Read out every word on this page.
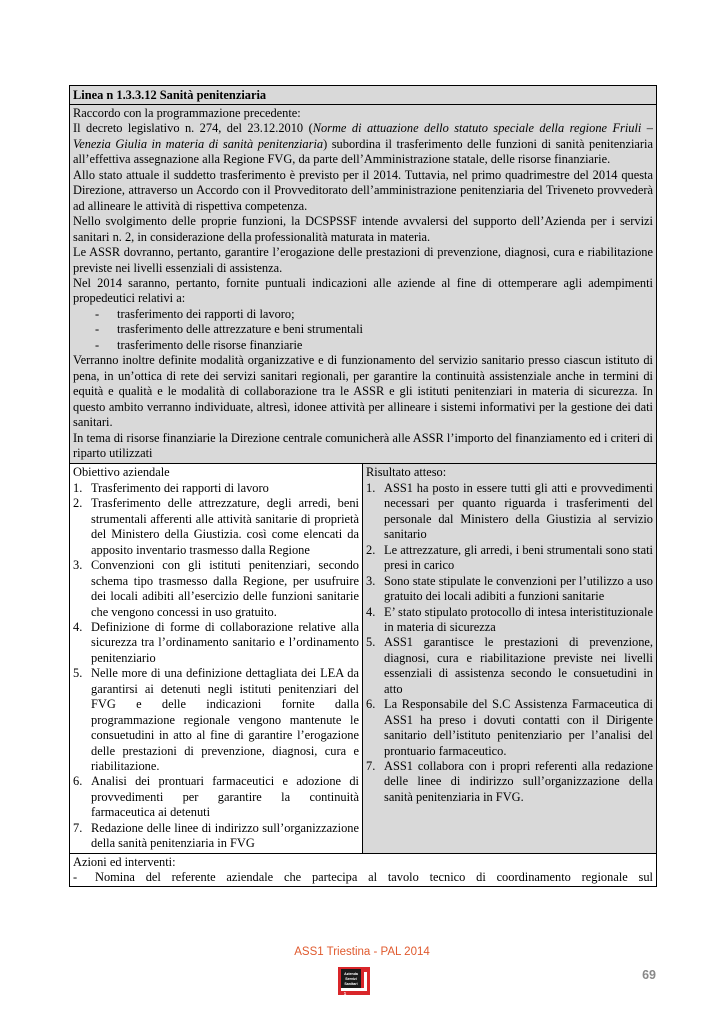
Linea n 1.3.3.12 Sanità penitenziaria

Raccordo con la programmazione precedente:

Il decreto legislativo n. 274, del 23.12.2010 (Norme di attuazione dello statuto speciale della regione Friuli – Venezia Giulia in materia di sanità penitenziaria) subordina il trasferimento delle funzioni di sanità penitenziaria all’effettiva assegnazione alla Regione FVG, da parte dell’Amministrazione statale, delle risorse finanziarie.

Allo stato attuale il suddetto trasferimento è previsto per il 2014. Tuttavia, nel primo quadrimestre del 2014 questa Direzione, attraverso un Accordo con il Provveditorato dell’amministrazione penitenziaria del Triveneto provvederà ad allineare le attività di rispettiva competenza.

Nello svolgimento delle proprie funzioni, la DCSPSSF intende avvalersi del supporto dell’Azienda per i servizi sanitari n. 2, in considerazione della professionalità maturata in materia.

Le ASSR dovranno, pertanto, garantire l’erogazione delle prestazioni di prevenzione, diagnosi, cura e riabilitazione previste nei livelli essenziali di assistenza.

Nel 2014 saranno, pertanto, fornite puntuali indicazioni alle aziende al fine di ottemperare agli adempimenti propedeutici relativi a:

- trasferimento dei rapporti di lavoro;
- trasferimento delle attrezzature e beni strumentali
- trasferimento delle risorse finanziarie

Verranno inoltre definite modalità organizzative e di funzionamento del servizio sanitario presso ciascun istituto di pena, in un’ottica di rete dei servizi sanitari regionali, per garantire la continuità assistenziale anche in termini di equità e qualità e le modalità di collaborazione tra le ASSR e gli istituti penitenziari in materia di sicurezza. In questo ambito verranno individuate, altresì, idonee attività per allineare i sistemi informativi per la gestione dei dati sanitari.

In tema di risorse finanziarie la Direzione centrale comunicherà alle ASSR l’importo del finanziamento ed i criteri di riparto utilizzati

Obiettivo aziendale
1. Trasferimento dei rapporti di lavoro
2. Trasferimento delle attrezzature, degli arredi, beni strumentali afferenti alle attività sanitarie di proprietà del Ministero della Giustizia. così come elencati da apposito inventario trasmesso dalla Regione
3. Convenzioni con gli istituti penitenziari, secondo schema tipo trasmesso dalla Regione, per usufruire dei locali adibiti all’esercizio delle funzioni sanitarie che vengono concessi in uso gratuito.
4. Definizione di forme di collaborazione relative alla sicurezza tra l’ordinamento sanitario e l’ordinamento penitenziario
5. Nelle more di una definizione dettagliata dei LEA da garantirsi ai detenuti negli istituti penitenziari del FVG e delle indicazioni fornite dalla programmazione regionale vengono mantenute le consuetudini in atto al fine di garantire l’erogazione delle prestazioni di prevenzione, diagnosi, cura e riabilitazione.
6. Analisi dei prontuari farmaceutici e adozione di provvedimenti per garantire la continuità farmaceutica ai detenuti
7. Redazione delle linee di indirizzo sull’organizzazione della sanità penitenziaria in FVG
Risultato atteso:
1. ASS1 ha posto in essere tutti gli atti e provvedimenti necessari per quanto riguarda i trasferimenti del personale dal Ministero della Giustizia al servizio sanitario
2. Le attrezzature, gli arredi, i beni strumentali sono stati presi in carico
3. Sono state stipulate le convenzioni per l’utilizzo a uso gratuito dei locali adibiti a funzioni sanitarie
4. E’ stato stipulato protocollo di intesa interistituzionale in materia di sicurezza
5. ASS1 garantisce le prestazioni di prevenzione, diagnosi, cura e riabilitazione previste nei livelli essenziali di assistenza secondo le consuetudini in atto
6. La Responsabile del S.C Assistenza Farmaceutica di ASS1 ha preso i dovuti contatti con il Dirigente sanitario dell’istituto penitenziario per l’analisi del prontuario farmaceutico.
7. ASS1 collabora con i propri referenti alla redazione delle linee di indirizzo sull’organizzazione della sanità penitenziaria in FVG.
Azioni ed interventi:
- Nomina del referente aziendale che partecipa al tavolo tecnico di coordinamento regionale sul
ASS1 Triestina - PAL 2014
Azienda
Servizi
Sanitari
1
69
